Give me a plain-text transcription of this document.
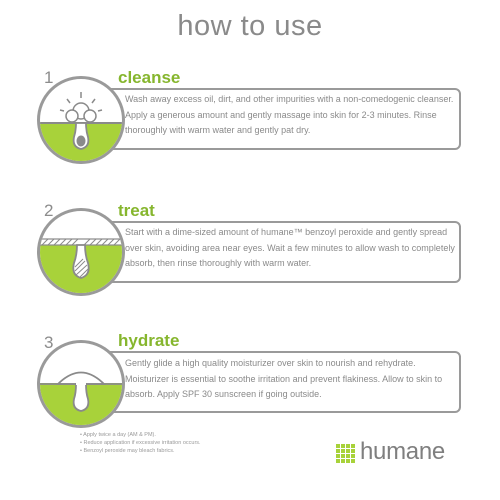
how to use
1	cleanse
Wash away excess oil, dirt, and other impurities with a non-comedogenic cleanser. Apply a generous amount and gently massage into skin for 2-3 minutes. Rinse thoroughly with warm water and gently pat dry.
2	treat
Start with a dime-sized amount of humane™ benzoyl peroxide and gently spread over skin, avoiding area near eyes. Wait a few minutes to allow wash to completely absorb, then rinse thoroughly with warm water.
3	hydrate
Gently glide a high quality moisturizer over skin to nourish and rehydrate. Moisturizer is essential to soothe irritation and prevent flakiness. Allow to skin to absorb. Apply SPF 30 sunscreen if going outside.
• Apply twice a day (AM & PM).
• Reduce application if excessive irritation occurs.
• Benzoyl peroxide may bleach fabrics.	humane
